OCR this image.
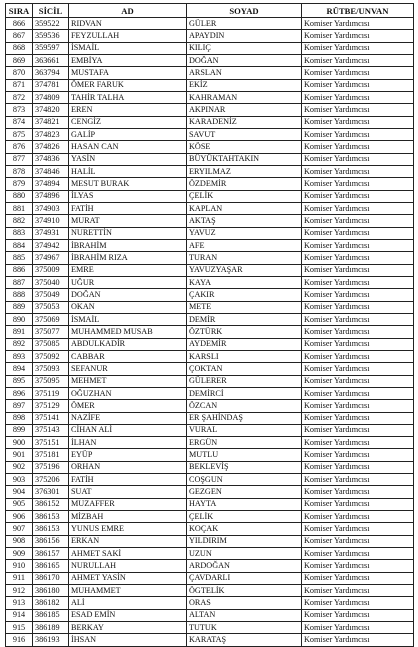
SIRA	SİCİL	AD	SOYAD	RÜTBE/UNVAN
866	359522	RIDVAN	GÜLER	Komiser Yardımcısı
867	359536	FEYZULLAH	APAYDIN	Komiser Yardımcısı
868	359597	İSMAİL	KILIÇ	Komiser Yardımcısı
869	363661	EMBİYA	DOĞAN	Komiser Yardımcısı
870	363794	MUSTAFA	ARSLAN	Komiser Yardımcısı
871	374781	ÖMER FARUK	EKİZ	Komiser Yardımcısı
872	374809	TAHİR TALHA	KAHRAMAN	Komiser Yardımcısı
873	374820	EREN	AKPINAR	Komiser Yardımcısı
874	374821	CENGİZ	KARADENİZ	Komiser Yardımcısı
875	374823	GALİP	SAVUT	Komiser Yardımcısı
876	374826	HASAN CAN	KÖSE	Komiser Yardımcısı
877	374836	YASİN	BÜYÜKTAHTAKIN	Komiser Yardımcısı
878	374846	HALİL	ERYILMAZ	Komiser Yardımcısı
879	374894	MESUT BURAK	ÖZDEMİR	Komiser Yardımcısı
880	374896	İLYAS	ÇELİK	Komiser Yardımcısı
881	374903	FATİH	KAPLAN	Komiser Yardımcısı
882	374910	MURAT	AKTAŞ	Komiser Yardımcısı
883	374931	NURETTİN	YAVUZ	Komiser Yardımcısı
884	374942	İBRAHİM	AFE	Komiser Yardımcısı
885	374967	İBRAHİM RIZA	TURAN	Komiser Yardımcısı
886	375009	EMRE	YAVUZYAŞAR	Komiser Yardımcısı
887	375040	UĞUR	KAYA	Komiser Yardımcısı
888	375049	DOĞAN	ÇAKIR	Komiser Yardımcısı
889	375053	OKAN	METE	Komiser Yardımcısı
890	375069	İSMAİL	DEMİR	Komiser Yardımcısı
891	375077	MUHAMMED MUSAB	ÖZTÜRK	Komiser Yardımcısı
892	375085	ABDULKADİR	AYDEMİR	Komiser Yardımcısı
893	375092	CABBAR	KARSLI	Komiser Yardımcısı
894	375093	SEFANUR	ÇOKTAN	Komiser Yardımcısı
895	375095	MEHMET	GÜLERER	Komiser Yardımcısı
896	375119	OĞUZHAN	DEMİRCİ	Komiser Yardımcısı
897	375129	ÖMER	ÖZCAN	Komiser Yardımcısı
898	375141	NAZİFE	ER ŞAHİNDAŞ	Komiser Yardımcısı
899	375143	CİHAN ALİ	VURAL	Komiser Yardımcısı
900	375151	İLHAN	ERGÜN	Komiser Yardımcısı
901	375181	EYÜP	MUTLU	Komiser Yardımcısı
902	375196	ORHAN	BEKLEVİŞ	Komiser Yardımcısı
903	375206	FATİH	COŞGUN	Komiser Yardımcısı
904	376301	SUAT	GEZGEN	Komiser Yardımcısı
905	386152	MUZAFFER	HAYTA	Komiser Yardımcısı
906	386153	MİZBAH	ÇELİK	Komiser Yardımcısı
907	386153	YUNUS EMRE	KOÇAK	Komiser Yardımcısı
908	386156	ERKAN	YILDIRIM	Komiser Yardımcısı
909	386157	AHMET SAKİ	UZUN	Komiser Yardımcısı
910	386165	NURULLAH	ARDOĞAN	Komiser Yardımcısı
911	386170	AHMET YASİN	ÇAVDARLI	Komiser Yardımcısı
912	386180	MUHAMMET	ÖGTELİK	Komiser Yardımcısı
913	386182	ALİ	ORAS	Komiser Yardımcısı
914	386185	ESAD EMİN	ALTAN	Komiser Yardımcısı
915	386189	BERKAY	TUTUK	Komiser Yardımcısı
916	386193	İHSAN	KARATAŞ	Komiser Yardımcısı
